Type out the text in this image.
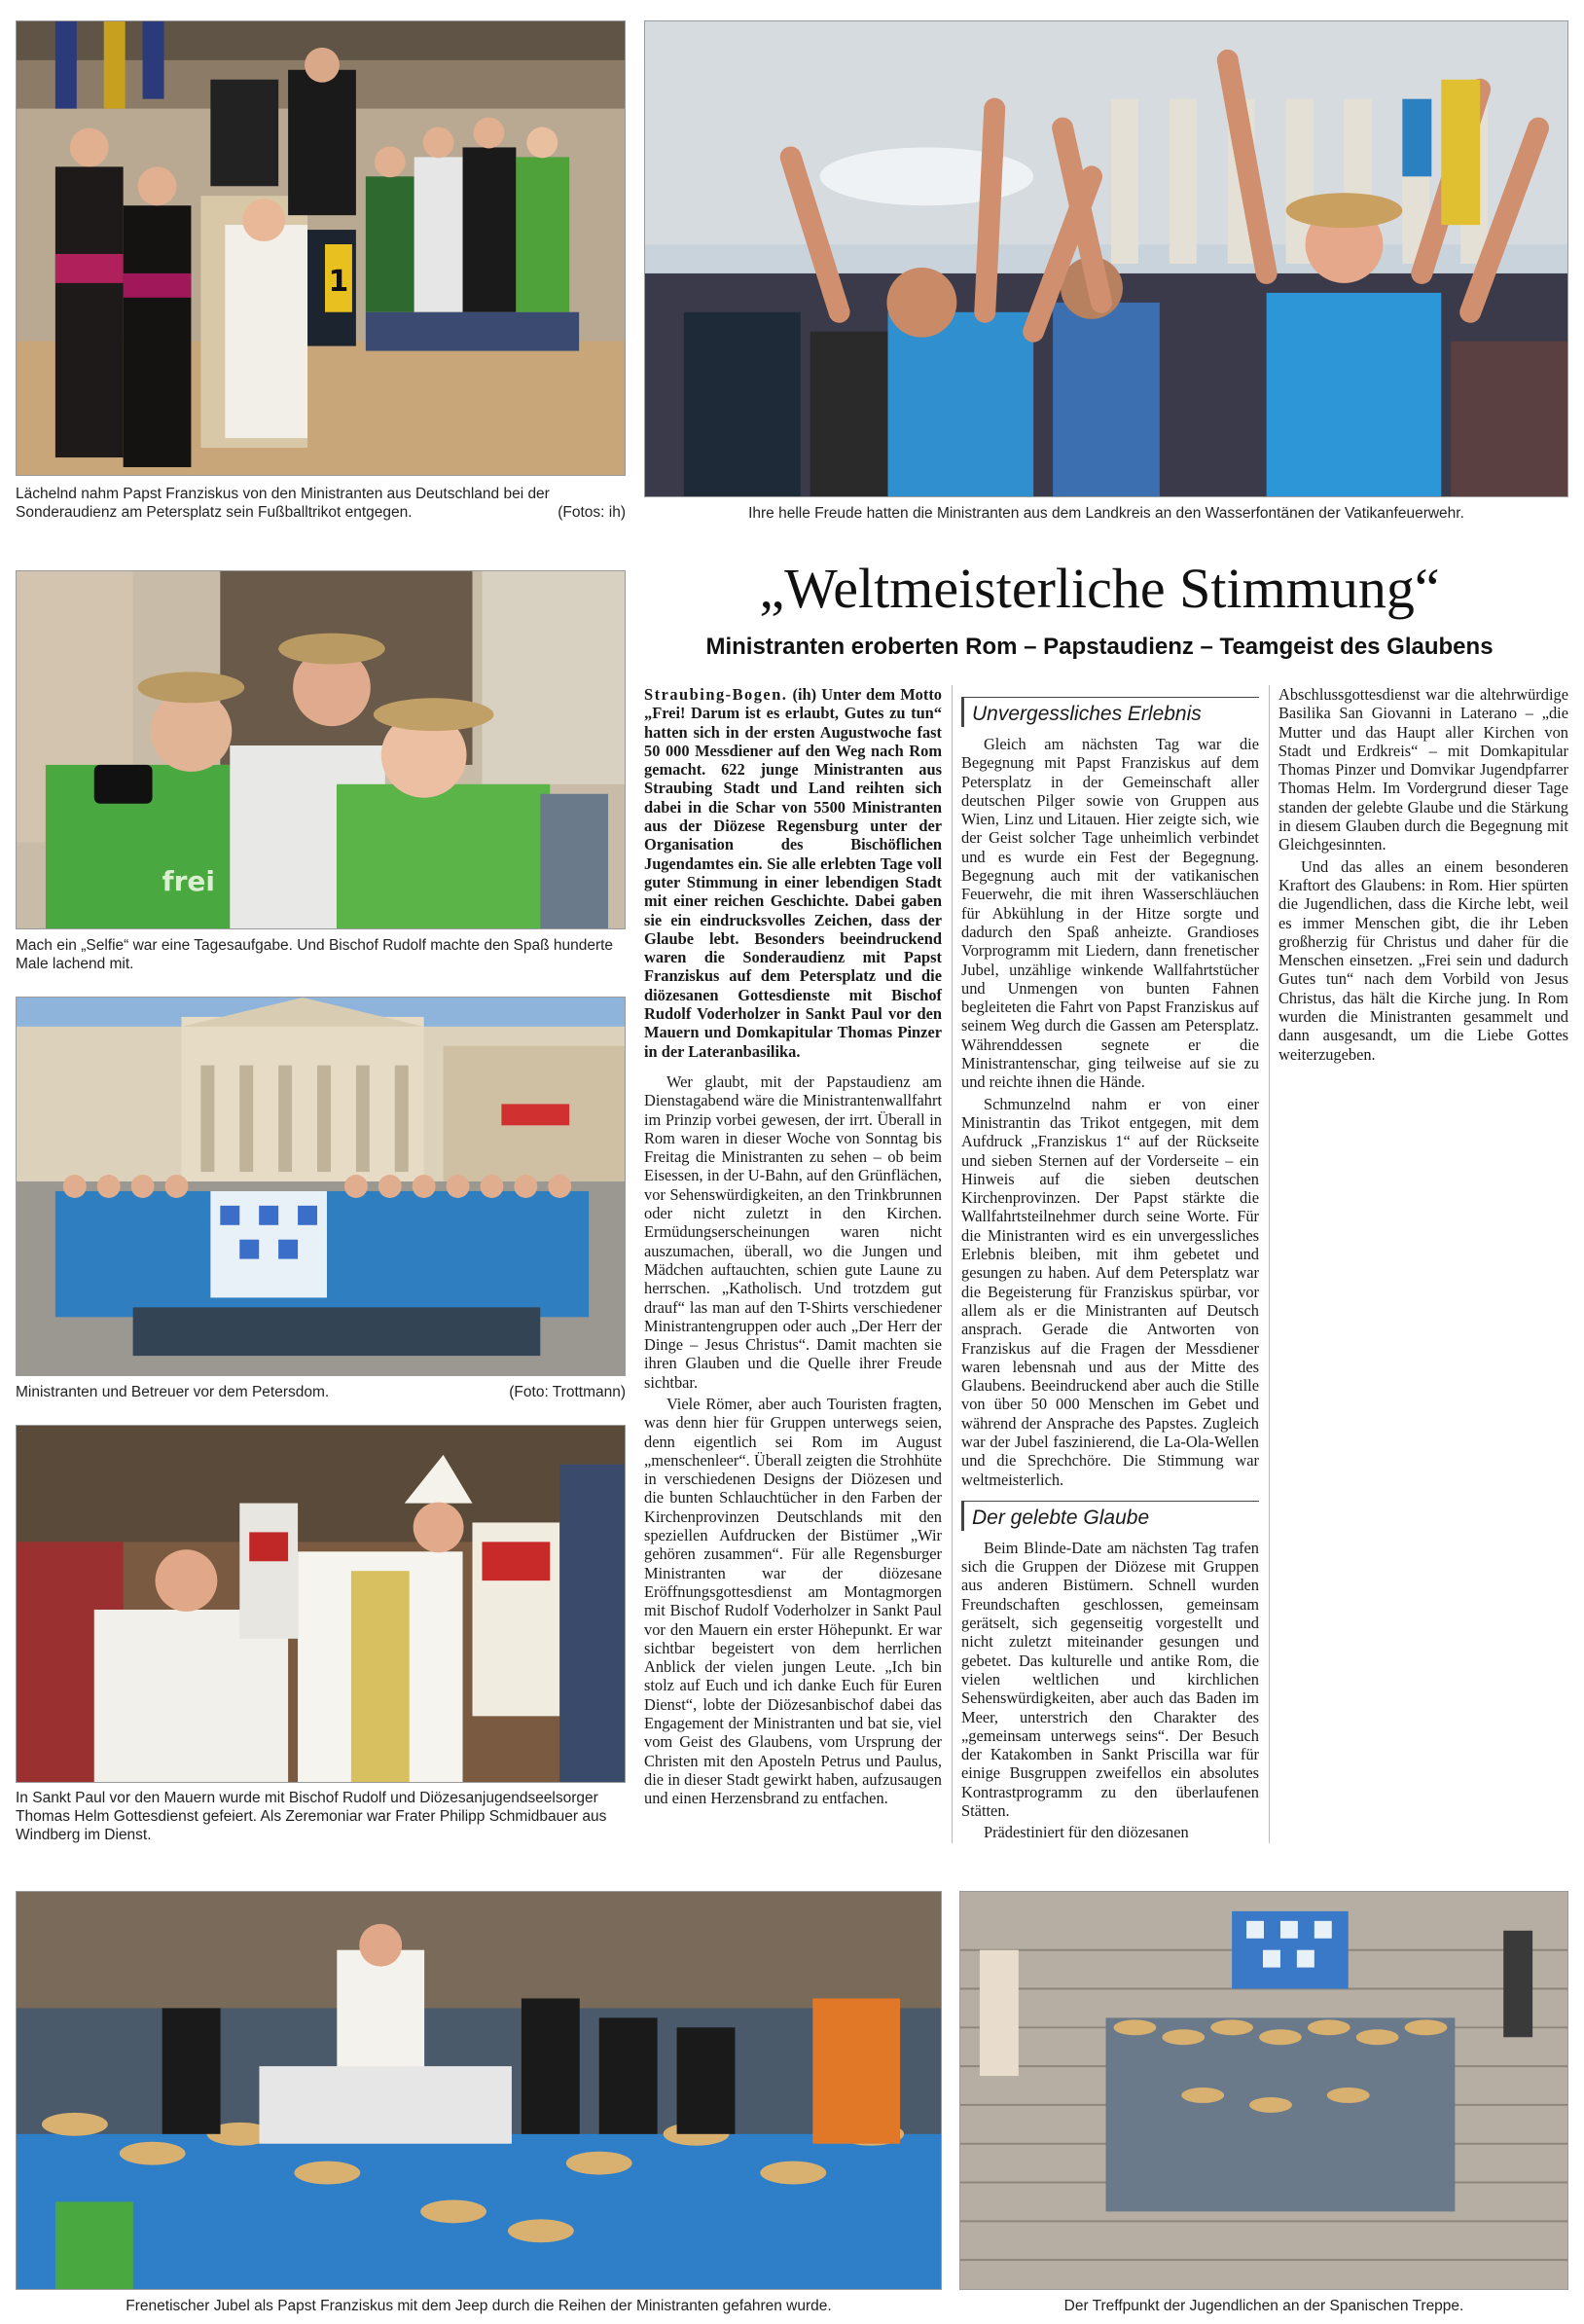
1
Lächelnd nahm Papst Franziskus von den Ministranten aus Deutschland bei der Sonderaudienz am Petersplatz sein Fußballtrikot entgegen.	(Fotos: ih)	Ihre helle Freude hatten die Ministranten aus dem Landkreis an den Wasserfontänen der Vatikanfeuerwehr.
frei
Mach ein „Selfie“ war eine Tagesaufgabe. Und Bischof Rudolf machte den Spaß hunderte Male lachend mit.
Ministranten und Betreuer vor dem Petersdom.	(Foto: Trottmann)
In Sankt Paul vor den Mauern wurde mit Bischof Rudolf und Diözesanjugendseelsorger Thomas Helm Gottesdienst gefeiert. Als Zeremoniar war Frater Philipp Schmidbauer aus Windberg im Dienst.
„Weltmeisterliche Stimmung“
Ministranten eroberten Rom – Papstaudienz – Teamgeist des Glaubens

Straubing-Bogen. (ih) Unter dem Motto „Frei! Darum ist es erlaubt, Gutes zu tun“ hatten sich in der ersten Augustwoche fast 50 000 Messdiener auf den Weg nach Rom gemacht. 622 junge Ministranten aus Straubing Stadt und Land reihten sich dabei in die Schar von 5500 Ministranten aus der Diözese Regensburg unter der Organisation des Bischöflichen Jugendamtes ein. Sie alle erlebten Tage voll guter Stimmung in einer lebendigen Stadt mit einer reichen Geschichte. Dabei gaben sie ein eindrucksvolles Zeichen, dass der Glaube lebt. Besonders beeindruckend waren die Sonderaudienz mit Papst Franziskus auf dem Petersplatz und die diözesanen Gottesdienste mit Bischof Rudolf Voderholzer in Sankt Paul vor den Mauern und Domkapitular Thomas Pinzer in der Lateranbasilika.

Wer glaubt, mit der Papstaudienz am Dienstagabend wäre die Ministrantenwallfahrt im Prinzip vorbei gewesen, der irrt. Überall in Rom waren in dieser Woche von Sonntag bis Freitag die Ministranten zu sehen – ob beim Eisessen, in der U-Bahn, auf den Grünflächen, vor Sehenswürdigkeiten, an den Trinkbrunnen oder nicht zuletzt in den Kirchen. Ermüdungserscheinungen waren nicht auszumachen, überall, wo die Jungen und Mädchen auftauchten, schien gute Laune zu herrschen. „Katholisch. Und trotzdem gut drauf“ las man auf den T-Shirts verschiedener Ministrantengruppen oder auch „Der Herr der Dinge – Jesus Christus“. Damit machten sie ihren Glauben und die Quelle ihrer Freude sichtbar.

Viele Römer, aber auch Touristen fragten, was denn hier für Gruppen unterwegs seien, denn eigentlich sei Rom im August „menschenleer“. Überall zeigten die Strohhüte in verschiedenen Designs der Diözesen und die bunten Schlauchtücher in den Farben der Kirchenprovinzen Deutschlands mit den speziellen Aufdrucken der Bistümer „Wir gehören zusammen“. Für alle Regensburger Ministranten war der diözesane Eröffnungsgottesdienst am Montagmorgen mit Bischof Rudolf Voderholzer in Sankt Paul vor den Mauern ein erster Höhepunkt. Er war sichtbar begeistert von dem herrlichen Anblick der vielen jungen Leute. „Ich bin stolz auf Euch und ich danke Euch für Euren Dienst“, lobte der Diözesanbischof dabei das Engagement der Ministranten und bat sie, viel vom Geist des Glaubens, vom Ursprung der Christen mit den Aposteln Petrus und Paulus, die in dieser Stadt gewirkt haben, aufzusaugen und einen Herzensbrand zu entfachen.

Unvergessliches Erlebnis

Gleich am nächsten Tag war die Begegnung mit Papst Franziskus auf dem Petersplatz in der Gemeinschaft aller deutschen Pilger sowie von Gruppen aus Wien, Linz und Litauen. Hier zeigte sich, wie der Geist solcher Tage unheimlich verbindet und es wurde ein Fest der Begegnung. Begegnung auch mit der vatikanischen Feuerwehr, die mit ihren Wasserschläuchen für Abkühlung in der Hitze sorgte und dadurch den Spaß anheizte. Grandioses Vorprogramm mit Liedern, dann frenetischer Jubel, unzählige winkende Wallfahrtstücher und Unmengen von bunten Fahnen begleiteten die Fahrt von Papst Franziskus auf seinem Weg durch die Gassen am Petersplatz. Währenddessen segnete er die Ministrantenschar, ging teilweise auf sie zu und reichte ihnen die Hände.

Schmunzelnd nahm er von einer Ministrantin das Trikot entgegen, mit dem Aufdruck „Franziskus 1“ auf der Rückseite und sieben Sternen auf der Vorderseite – ein Hinweis auf die sieben deutschen Kirchenprovinzen. Der Papst stärkte die Wallfahrtsteilnehmer durch seine Worte. Für die Ministranten wird es ein unvergessliches Erlebnis bleiben, mit ihm gebetet und gesungen zu haben. Auf dem Petersplatz war die Begeisterung für Franziskus spürbar, vor allem als er die Ministranten auf Deutsch ansprach. Gerade die Antworten von Franziskus auf die Fragen der Messdiener waren lebensnah und aus der Mitte des Glaubens. Beeindruckend aber auch die Stille von über 50 000 Menschen im Gebet und während der Ansprache des Papstes. Zugleich war der Jubel faszinierend, die La-Ola-Wellen und die Sprechchöre. Die Stimmung war weltmeisterlich.

Der gelebte Glaube

Beim Blinde-Date am nächsten Tag trafen sich die Gruppen der Diözese mit Gruppen aus anderen Bistümern. Schnell wurden Freundschaften geschlossen, gemeinsam gerätselt, sich gegenseitig vorgestellt und nicht zuletzt miteinander gesungen und gebetet. Das kulturelle und antike Rom, die vielen weltlichen und kirchlichen Sehenswürdigkeiten, aber auch das Baden im Meer, unterstrich den Charakter des „gemeinsam unterwegs seins“. Der Besuch der Katakomben in Sankt Priscilla war für einige Busgruppen zweifellos ein absolutes Kontrastprogramm zu den überlaufenen Stätten.

Prädestiniert für den diözesanen

Abschlussgottesdienst war die altehrwürdige Basilika San Giovanni in Laterano – „die Mutter und das Haupt aller Kirchen von Stadt und Erdkreis“ – mit Domkapitular Thomas Pinzer und Domvikar Jugendpfarrer Thomas Helm. Im Vordergrund dieser Tage standen der gelebte Glaube und die Stärkung in diesem Glauben durch die Begegnung mit Gleichgesinnten.

Und das alles an einem besonderen Kraftort des Glaubens: in Rom. Hier spürten die Jugendlichen, dass die Kirche lebt, weil es immer Menschen gibt, die ihr Leben großherzig für Christus und daher für die Menschen einsetzen. „Frei sein und dadurch Gutes tun“ nach dem Vorbild von Jesus Christus, das hält die Kirche jung. In Rom wurden die Ministranten gesammelt und dann ausgesandt, um die Liebe Gottes weiterzugeben.

Frenetischer Jubel als Papst Franziskus mit dem Jeep durch die Reihen der Ministranten gefahren wurde.	Der Treffpunkt der Jugendlichen an der Spanischen Treppe.
